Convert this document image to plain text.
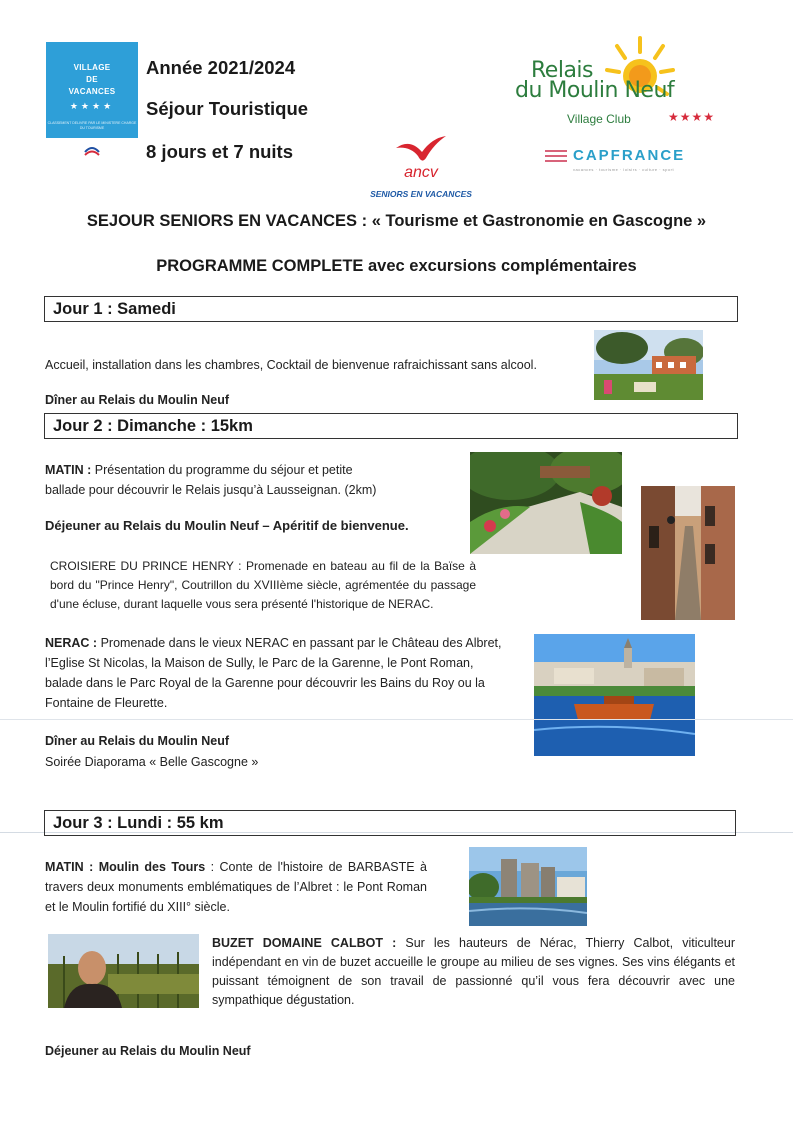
VILLAGE
DE
VACANCES
★★★★
CLASSEMENT DELIVRE PAR LE MINISTERE CHARGE DU TOURISME
Année 2021/2024
Séjour Touristique
8 jours et 7 nuits
Relais
du Moulin Neuf
Village Club	★★★★
CAPFRANCE
vacances · tourisme · loisirs · culture · sport
ancv
SENIORS EN VACANCES
SEJOUR SENIORS EN VACANCES : « Tourisme et Gastronomie en Gascogne »
PROGRAMME COMPLETE avec excursions complémentaires
Jour 1 : Samedi
Accueil, installation dans les chambres, Cocktail de bienvenue rafraichissant sans alcool.
Dîner au Relais du Moulin Neuf
Jour 2 : Dimanche : 15km
MATIN : Présentation du programme du séjour et petite
ballade pour découvrir le Relais jusqu’à Lausseignan. (2km)
Déjeuner au Relais du Moulin Neuf – Apéritif de bienvenue.
CROISIERE DU PRINCE HENRY : Promenade en bateau au fil de la Baïse à bord du "Prince Henry", Coutrillon du XVIIIème siècle, agrémentée du passage d'une écluse, durant laquelle vous sera présenté l'historique de NERAC.
NERAC : Promenade dans le vieux NERAC en passant par le Château des Albret,
l’Eglise St Nicolas, la Maison de Sully, le Parc de la Garenne, le Pont Roman,
balade dans le Parc Royal de la Garenne pour découvrir les Bains du Roy ou la
Fontaine de Fleurette.
Dîner au Relais du Moulin Neuf
Soirée Diaporama « Belle Gascogne »
Jour 3 : Lundi : 55 km
MATIN : Moulin des Tours : Conte de l'histoire de BARBASTE à travers deux monuments emblématiques de l’Albret : le Pont Roman et le Moulin fortifié du XIII° siècle.
BUZET DOMAINE CALBOT : Sur les hauteurs de Nérac, Thierry Calbot, viticulteur indépendant en vin de buzet accueille le groupe au milieu de ses vignes. Ses vins élégants et puissant témoignent de son travail de passionné qu’il vous fera découvrir avec une sympathique dégustation.
Déjeuner au Relais du Moulin Neuf
